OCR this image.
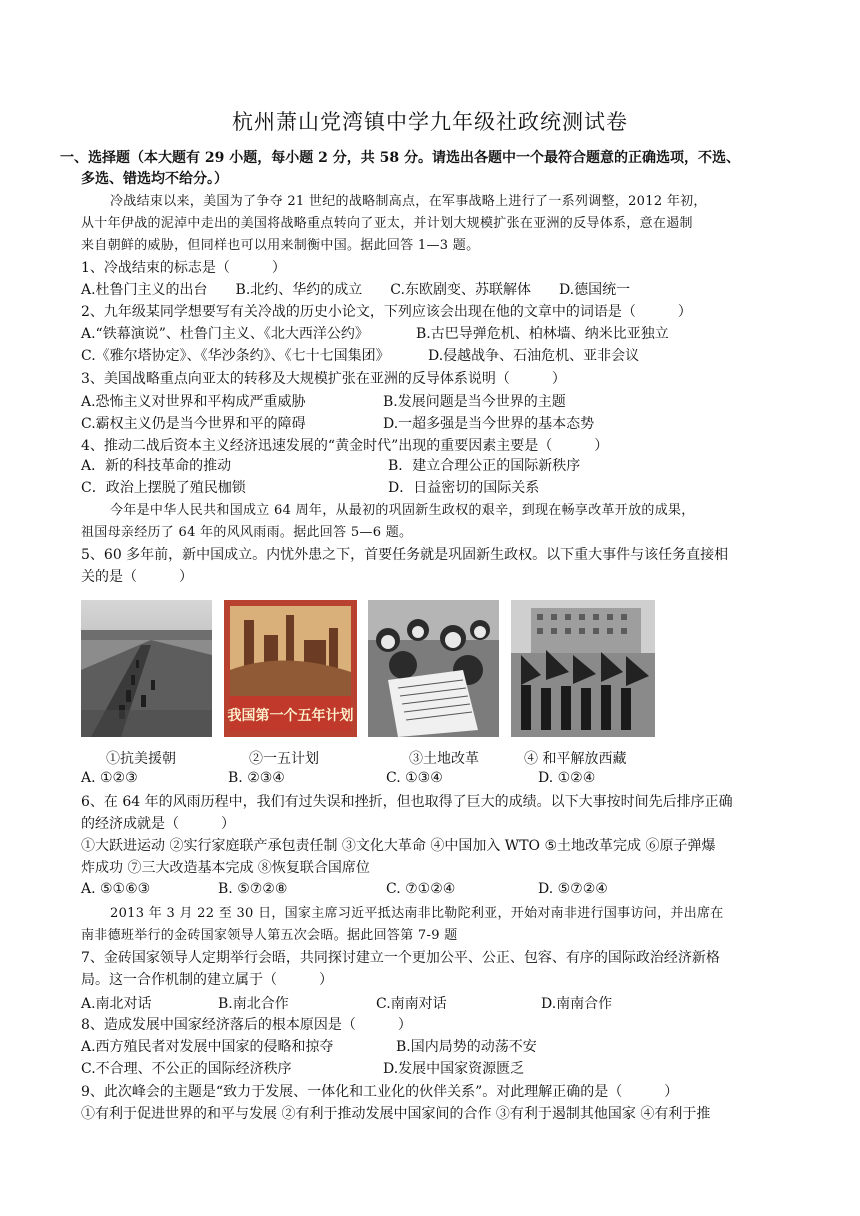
杭州萧山党湾镇中学九年级社政统测试卷
一、选择题（本大题有 29 小题，每小题 2 分，共 58 分。请选出各题中一个最符合题意的正确选项，不选、
多选、错选均不给分。）
冷战结束以来，美国为了争夺 21 世纪的战略制高点，在军事战略上进行了一系列调整，2012 年初，
从十年伊战的泥淖中走出的美国将战略重点转向了亚太，并计划大规模扩张在亚洲的反导体系，意在遏制
来自朝鲜的威胁，但同样也可以用来制衡中国。据此回答 1—3 题。
1、冷战结束的标志是（　　　）
A.杜鲁门主义的出台　　B.北约、华约的成立　　C.东欧剧变、苏联解体　　D.德国统一
2、九年级某同学想要写有关冷战的历史小论文，下列应该会出现在他的文章中的词语是（　　　）
A.“铁幕演说”、杜鲁门主义、《北大西洋公约》	B.古巴导弹危机、柏林墙、纳米比亚独立
C.《雅尔塔协定》、《华沙条约》、《七十七国集团》	D.侵越战争、石油危机、亚非会议
3、美国战略重点向亚太的转移及大规模扩张在亚洲的反导体系说明（　　　）
A.恐怖主义对世界和平构成严重威胁	B.发展问题是当今世界的主题
C.霸权主义仍是当今世界和平的障碍	D.一超多强是当今世界的基本态势
4、推动二战后资本主义经济迅速发展的“黄金时代”出现的重要因素主要是（　　　）
A．新的科技革命的推动	B．建立合理公正的国际新秩序
C．政治上摆脱了殖民枷锁	D．日益密切的国际关系
今年是中华人民共和国成立 64 周年，从最初的巩固新生政权的艰辛，到现在畅享改革开放的成果，
祖国母亲经历了 64 年的风风雨雨。据此回答 5—6 题。
5、60 多年前，新中国成立。内忧外患之下，首要任务就是巩固新生政权。以下重大事件与该任务直接相
关的是（　　　）
我国第一个五年计划
①抗美援朝	②一五计划	③土地改革	④ 和平解放西藏
A. ①②③	B. ②③④	C. ①③④	D. ①②④
6、在 64 年的风雨历程中，我们有过失误和挫折，但也取得了巨大的成绩。以下大事按时间先后排序正确
的经济成就是（　　　）
①大跃进运动 ②实行家庭联产承包责任制 ③文化大革命 ④中国加入 WTO ⑤土地改革完成 ⑥原子弹爆
炸成功 ⑦三大改造基本完成 ⑧恢复联合国席位
A. ⑤①⑥③	B. ⑤⑦②⑧	C. ⑦①②④	D. ⑤⑦②④
2013 年 3 月 22 至 30 日，国家主席习近平抵达南非比勒陀利亚，开始对南非进行国事访问，并出席在
南非德班举行的金砖国家领导人第五次会晤。据此回答第 7-9 题
7、金砖国家领导人定期举行会晤，共同探讨建立一个更加公平、公正、包容、有序的国际政治经济新格
局。这一合作机制的建立属于（　　　）
A.南北对话	B.南北合作	C.南南对话	D.南南合作
8、造成发展中国家经济落后的根本原因是（　　　）
A.西方殖民者对发展中国家的侵略和掠夺	B.国内局势的动荡不安
C.不合理、不公正的国际经济秩序	D.发展中国家资源匮乏
9、此次峰会的主题是“致力于发展、一体化和工业化的伙伴关系”。对此理解正确的是（　　　）
①有利于促进世界的和平与发展 ②有利于推动发展中国家间的合作 ③有利于遏制其他国家 ④有利于推
